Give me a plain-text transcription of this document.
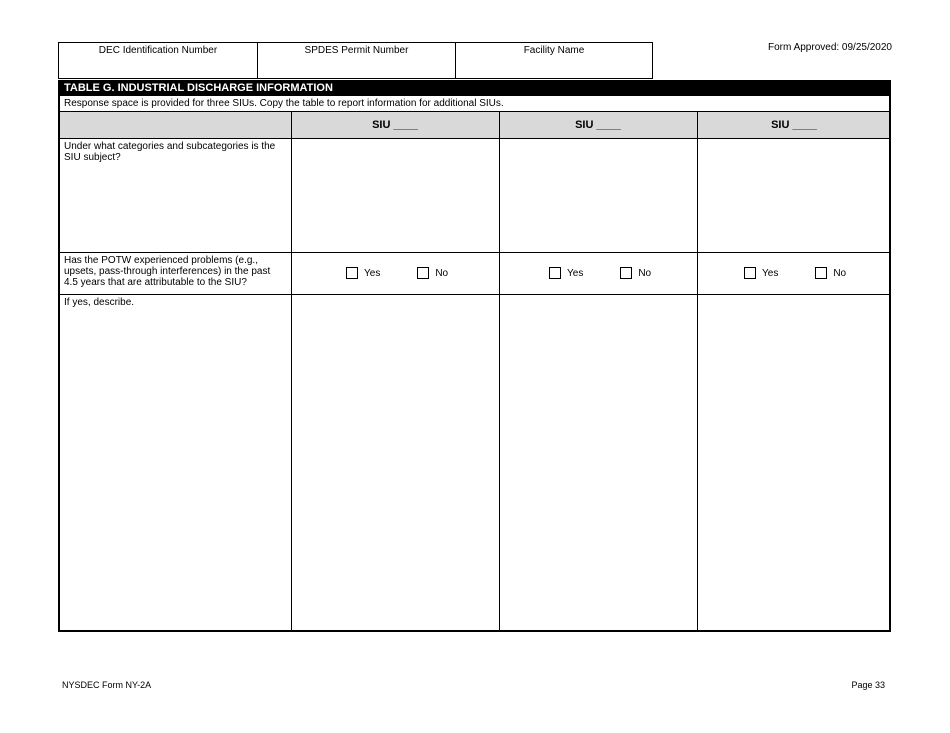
DEC Identification Number	SPDES Permit Number	Facility Name	Form Approved: 09/25/2020
TABLE G. INDUSTRIAL DISCHARGE INFORMATION
Response space is provided for three SIUs. Copy the table to report information for additional SIUs.
SIU ____	SIU ____	SIU ____
Under what categories and subcategories is the SIU subject?
Has the POTW experienced problems (e.g., upsets, pass-through interferences) in the past 4.5 years that are attributable to the SIU?
Yes	No	Yes	No	Yes	No
If yes, describe.
NYSDEC Form NY-2A	Page 33
